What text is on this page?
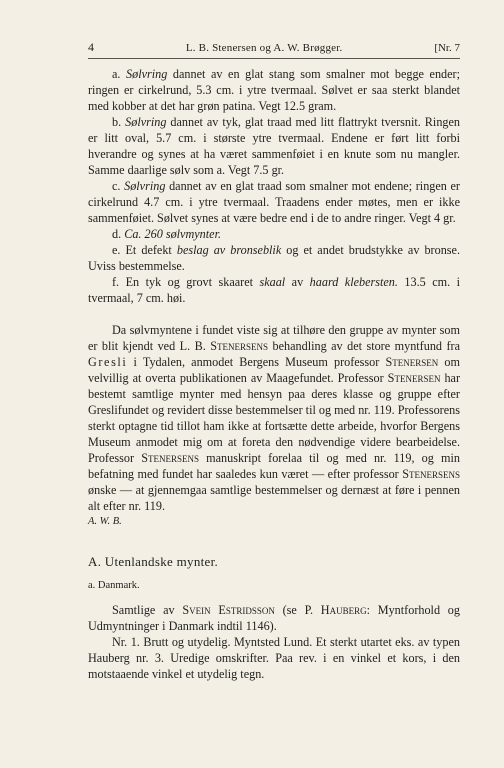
4	L. B. Stenersen og A. W. Brøgger.	[Nr. 7

a. Sølvring dannet av en glat stang som smalner mot begge ender; ringen er cirkelrund, 5.3 cm. i ytre tvermaal. Sølvet er saa sterkt blandet med kobber at det har grøn patina. Vegt 12.5 gram.

b. Sølvring dannet av tyk, glat traad med litt flattrykt tversnit. Ringen er litt oval, 5.7 cm. i største ytre tvermaal. Endene er ført litt forbi hverandre og synes at ha været sammenføiet i en knute som nu mangler. Samme daarlige sølv som a. Vegt 7.5 gr.

c. Sølvring dannet av en glat traad som smalner mot endene; ringen er cirkelrund 4.7 cm. i ytre tvermaal. Traadens ender møtes, men er ikke sammenføiet. Sølvet synes at være bedre end i de to andre ringer. Vegt 4 gr.

d. Ca. 260 sølvmynter.

e. Et defekt beslag av bronseblik og et andet brudstykke av bronse. Uviss bestemmelse.

f. En tyk og grovt skaaret skaal av haard klebersten. 13.5 cm. i tvermaal, 7 cm. høi.

Da sølvmyntene i fundet viste sig at tilhøre den gruppe av mynter som er blit kjendt ved L. B. Stenersens behandling av det store myntfund fra Gresli i Tydalen, anmodet Bergens Museum professor Stenersen om velvillig at overta publikationen av Maagefundet. Professor Stenersen har bestemt samtlige mynter med hensyn paa deres klasse og gruppe efter Greslifundet og revidert disse bestemmelser til og med nr. 119. Professorens sterkt optagne tid tillot ham ikke at fortsætte dette arbeide, hvorfor Bergens Museum anmodet mig om at foreta den nødvendige videre bearbeidelse. Professor Stenersens manuskript forelaa til og med nr. 119, og min befatning med fundet har saaledes kun været — efter professor Stenersens ønske — at gjennemgaa samtlige bestemmelser og dernæst at føre i pennen alt efter nr. 119.

A. W. B.

A. Utenlandske mynter.

a. Danmark.

Samtlige av Svein Estridsson (se P. Hauberg: Myntforhold og Udmyntninger i Danmark indtil 1146).

Nr. 1. Brutt og utydelig. Myntsted Lund. Et sterkt utartet eks. av typen Hauberg nr. 3. Uredige omskrifter. Paa rev. i en vinkel et kors, i den motstaaende vinkel et utydelig tegn.
